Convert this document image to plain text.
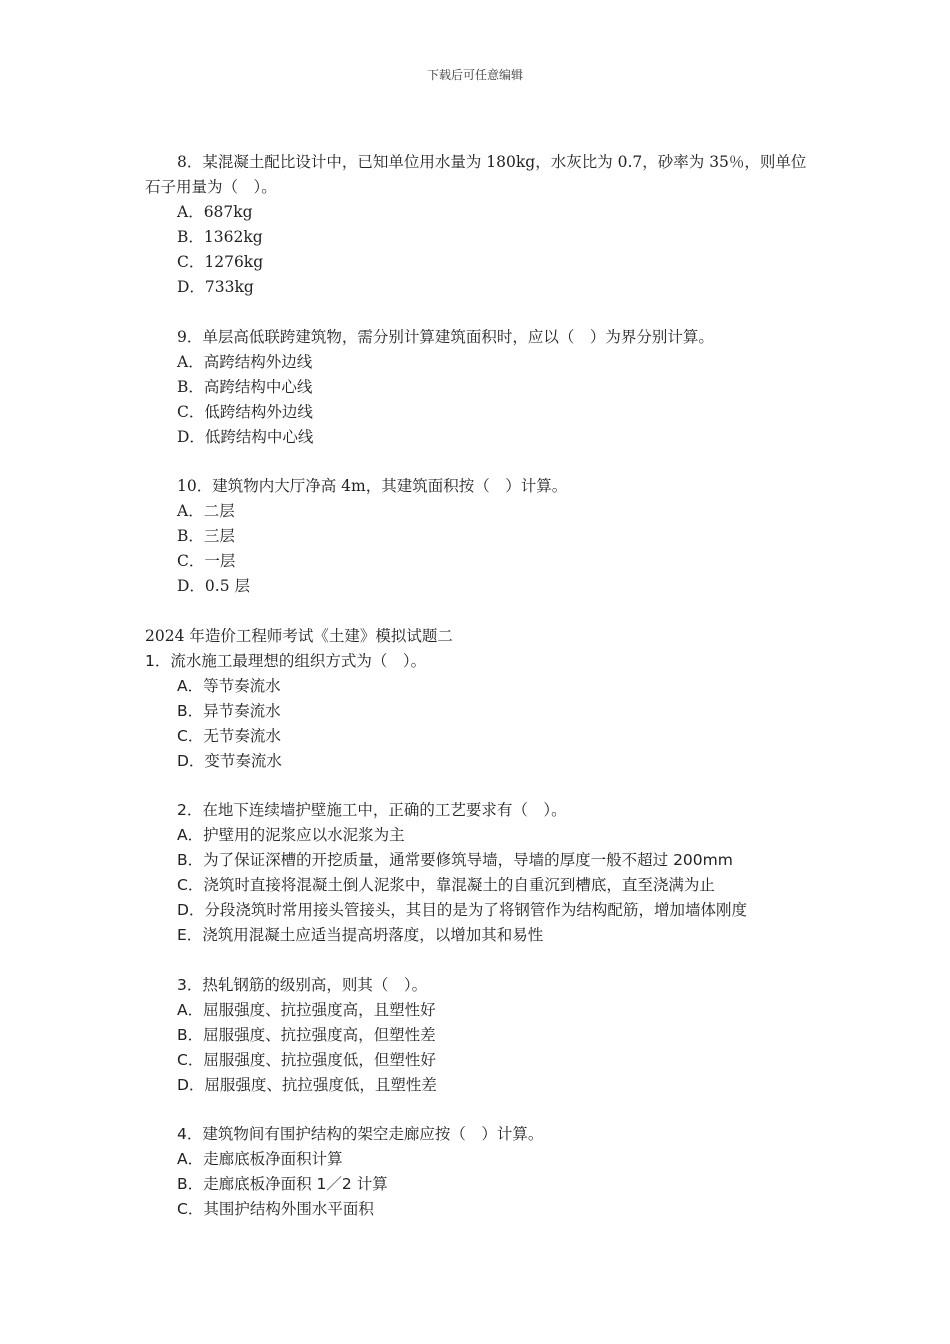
下载后可任意编辑
8．某混凝土配比设计中，已知单位用水量为 180kg，水灰比为 0.7，砂率为 35％，则单位石子用量为（　）。
A．687kg
B．1362kg
C．1276kg
D．733kg
9．单层高低联跨建筑物，需分别计算建筑面积时，应以（　）为界分别计算。
A．高跨结构外边线
B．高跨结构中心线
C．低跨结构外边线
D．低跨结构中心线
10．建筑物内大厅净高 4m，其建筑面积按（　）计算。
A．二层
B．三层
C．一层
D．0.5 层
2024 年造价工程师考试《土建》模拟试题二
1．流水施工最理想的组织方式为（　）。
A．等节奏流水
B．异节奏流水
C．无节奏流水
D．变节奏流水
2．在地下连续墙护壁施工中，正确的工艺要求有（　）。
A．护壁用的泥浆应以水泥浆为主
B．为了保证深槽的开挖质量，通常要修筑导墙，导墙的厚度一般不超过 200mm
C．浇筑时直接将混凝土倒人泥浆中，靠混凝土的自重沉到槽底，直至浇满为止
D．分段浇筑时常用接头管接头，其目的是为了将钢管作为结构配筋，增加墙体刚度
E．浇筑用混凝土应适当提高坍落度，以增加其和易性
3．热轧钢筋的级别高，则其（　）。
A．屈服强度、抗拉强度高，且塑性好
B．屈服强度、抗拉强度高，但塑性差
C．屈服强度、抗拉强度低，但塑性好
D．屈服强度、抗拉强度低，且塑性差
4．建筑物间有围护结构的架空走廊应按（　）计算。
A．走廊底板净面积计算
B．走廊底板净面积 1／2 计算
C．其围护结构外围水平面积
